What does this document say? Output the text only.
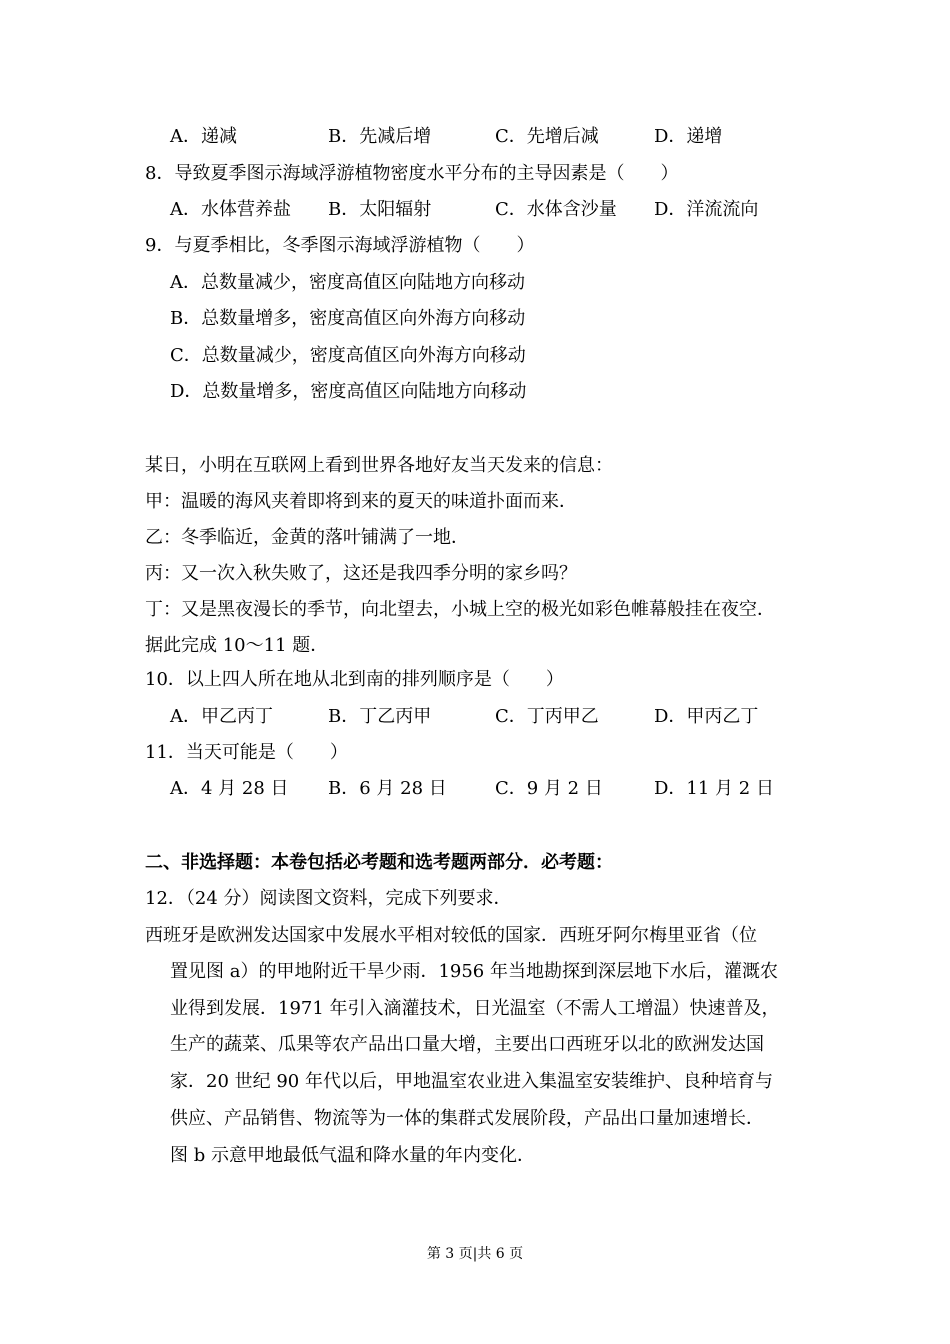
A．递减	B．先减后增	C．先增后减	D．递增
8．导致夏季图示海域浮游植物密度水平分布的主导因素是（　　）
A．水体营养盐 B．太阳辐射	C．水体含沙量 D．洋流流向
9．与夏季相比，冬季图示海域浮游植物（　　）
A．总数量减少，密度高值区向陆地方向移动
B．总数量增多，密度高值区向外海方向移动
C．总数量减少，密度高值区向外海方向移动
D．总数量增多，密度高值区向陆地方向移动
某日，小明在互联网上看到世界各地好友当天发来的信息：
甲：温暖的海风夹着即将到来的夏天的味道扑面而来．
乙：冬季临近，金黄的落叶铺满了一地．
丙：又一次入秋失败了，这还是我四季分明的家乡吗？
丁：又是黑夜漫长的季节，向北望去，小城上空的极光如彩色帷幕般挂在夜空．
据此完成 10～11 题．
10．以上四人所在地从北到南的排列顺序是（　　）
A．甲乙丙丁	B．丁乙丙甲	C．丁丙甲乙	D．甲丙乙丁
11．当天可能是（　　）
A．4 月 28 日 B．6 月 28 日	C．9 月 2 日	D．11 月 2 日
二、非选择题：本卷包括必考题和选考题两部分．必考题：
12．（24 分）阅读图文资料，完成下列要求．
西班牙是欧洲发达国家中发展水平相对较低的国家．西班牙阿尔梅里亚省（位
置见图 a）的甲地附近干旱少雨．1956 年当地勘探到深层地下水后，灌溉农
业得到发展．1971 年引入滴灌技术，日光温室（不需人工增温）快速普及，
生产的蔬菜、瓜果等农产品出口量大增，主要出口西班牙以北的欧洲发达国
家．20 世纪 90 年代以后，甲地温室农业进入集温室安装维护、良种培育与
供应、产品销售、物流等为一体的集群式发展阶段，产品出口量加速增长．
图 b 示意甲地最低气温和降水量的年内变化．
第 3 页|共 6 页
